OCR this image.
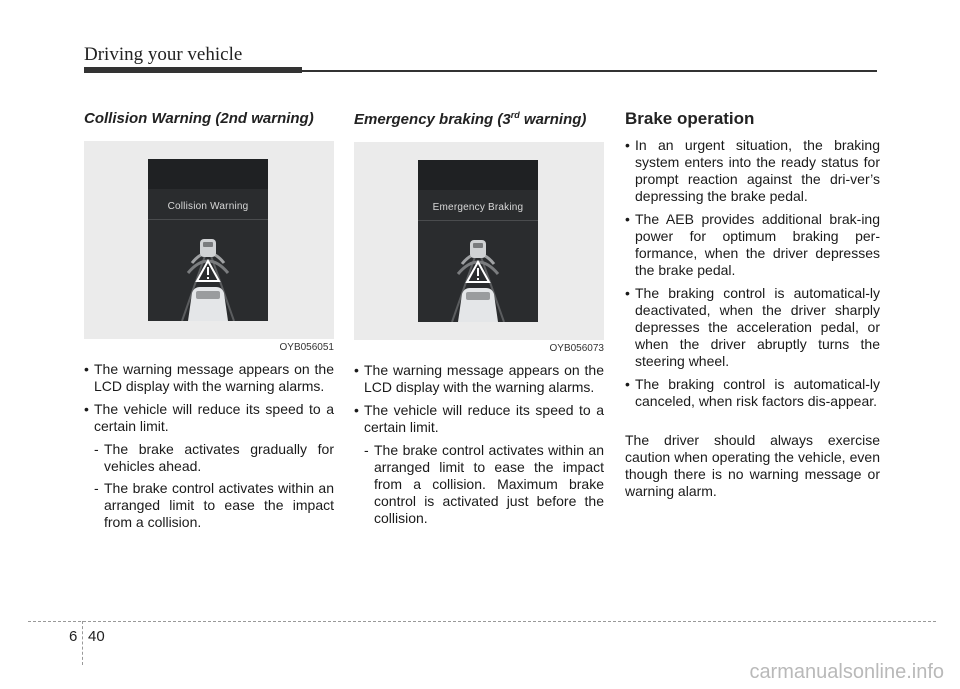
Driving your vehicle

Collision Warning (2nd warning)

Collision Warning

OYB056051

• The warning message appears on the LCD display with the warning alarms.
• The vehicle will reduce its speed to a certain limit.
- The brake activates gradually for vehicles ahead.
- The brake control activates within an arranged limit to ease the impact from a collision.

Emergency braking (3rd warning)

Emergency Braking

OYB056073

• The warning message appears on the LCD display with the warning alarms.
• The vehicle will reduce its speed to a certain limit.
- The brake control activates within an arranged limit to ease the impact from a collision. Maximum brake control is activated just before the collision.

Brake operation

• In an urgent situation, the braking system enters into the ready status for prompt reaction against the dri-ver’s depressing the brake pedal.
• The AEB provides additional brak-ing power for optimum braking per-formance, when the driver depresses the brake pedal.
• The braking control is automatical-ly deactivated, when the driver sharply depresses the acceleration pedal, or when the driver abruptly turns the steering wheel.
• The braking control is automatical-ly canceled, when risk factors dis-appear.

The driver should always exercise caution when operating the vehicle, even though there is no warning message or warning alarm.

6 40
carmanualsonline.info
